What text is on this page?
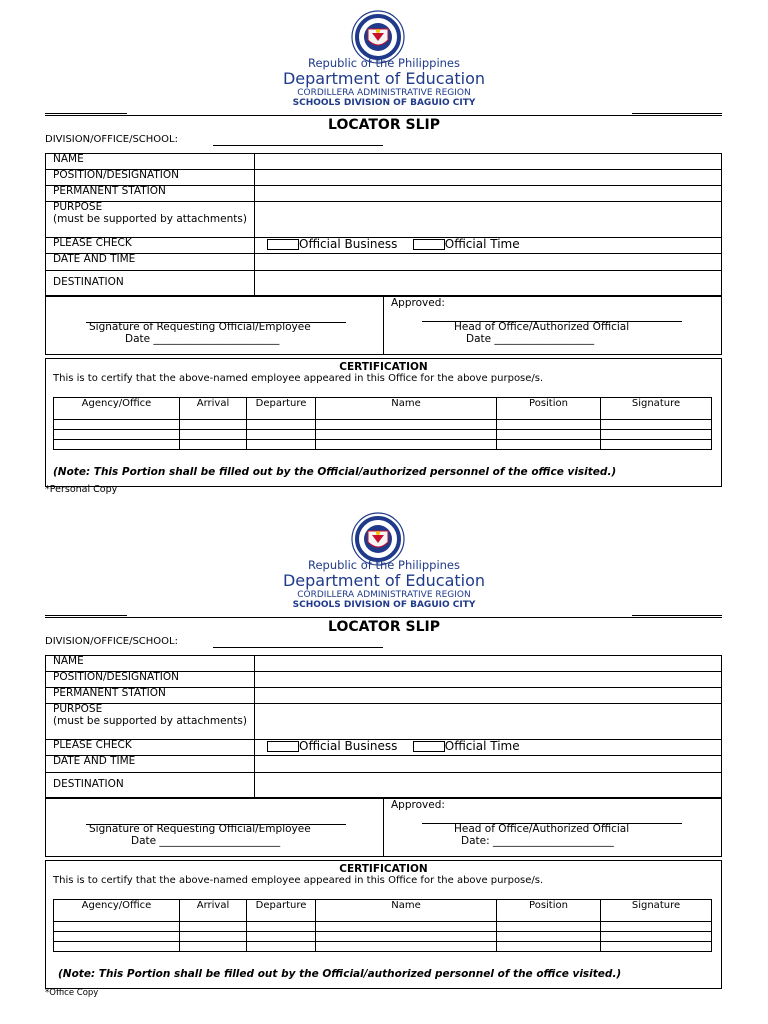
Republic of the Philippines
Department of Education
CORDILLERA ADMINISTRATIVE REGION
SCHOOLS DIVISION OF BAGUIO CITY
LOCATOR SLIP
DIVISION/OFFICE/SCHOOL:
NAME	
POSITION/DESIGNATION	
PERMANENT STATION	
PURPOSE
(must be supported by attachments)	
PLEASE CHECK	Official Business Official Time
DATE AND TIME	
DESTINATION	
Signature of Requesting Official/Employee
Date ________________________
Approved:
Head of Office/Authorized Official
Date ___________________
CERTIFICATION
This is to certify that the above-named employee appeared in this Office for the above purpose/s.
Agency/Office	Arrival	Departure	Name	Position	Signature

(Note: This Portion shall be filled out by the Official/authorized personnel of the office visited.)
*Personal Copy
Republic of the Philippines
Department of Education
CORDILLERA ADMINISTRATIVE REGION
SCHOOLS DIVISION OF BAGUIO CITY
LOCATOR SLIP
DIVISION/OFFICE/SCHOOL:
NAME	
POSITION/DESIGNATION	
PERMANENT STATION	
PURPOSE
(must be supported by attachments)	
PLEASE CHECK	Official Business Official Time
DATE AND TIME	
DESTINATION	
Signature of Requesting Official/Employee
Date _______________________
Approved:
Head of Office/Authorized Official
Date: _______________________
CERTIFICATION
This is to certify that the above-named employee appeared in this Office for the above purpose/s.
Agency/Office	Arrival	Departure	Name	Position	Signature

(Note: This Portion shall be filled out by the Official/authorized personnel of the office visited.)
*Office Copy
